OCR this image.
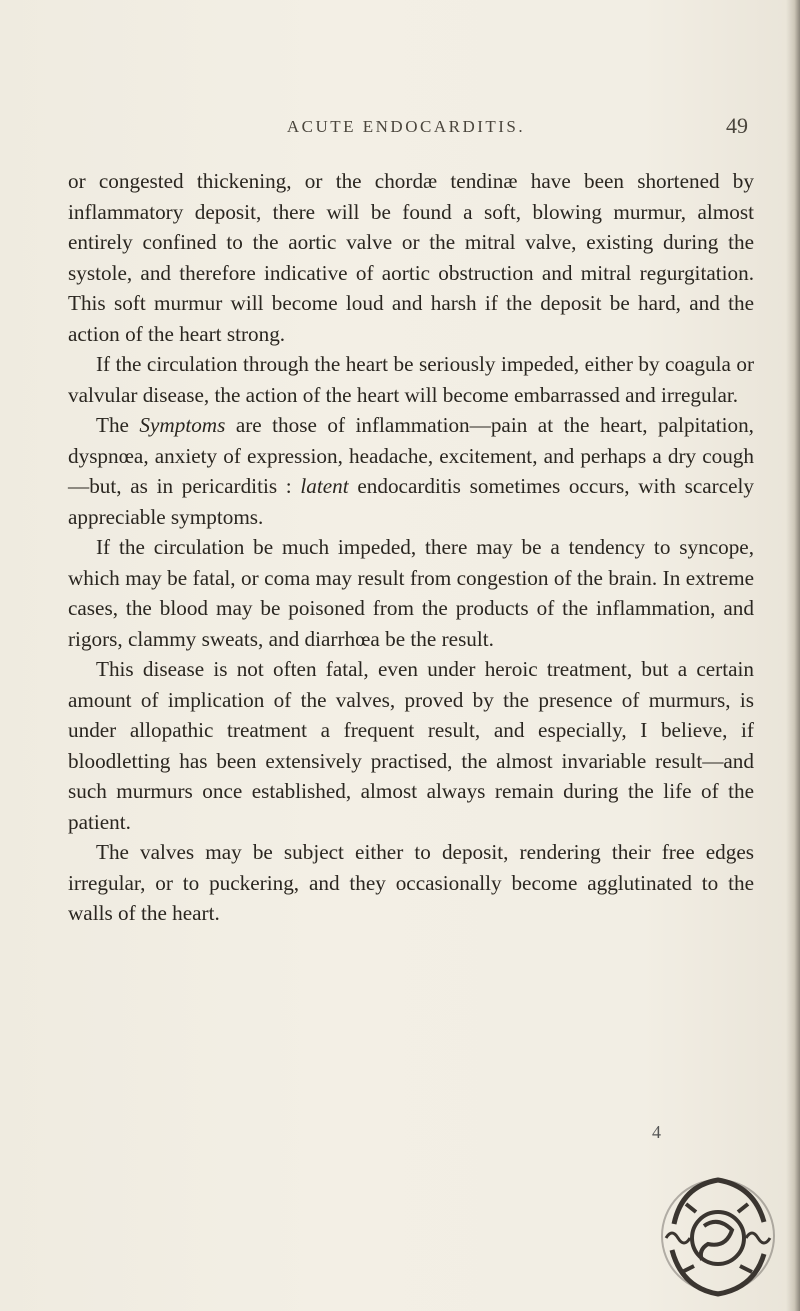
ACUTE ENDOCARDITIS.	49

or congested thickening, or the chordæ tendinæ have been shortened by inflammatory deposit, there will be found a soft, blowing murmur, almost entirely confined to the aortic valve or the mitral valve, existing during the systole, and therefore indicative of aortic obstruction and mitral regurgitation. This soft murmur will become loud and harsh if the deposit be hard, and the action of the heart strong.

If the circulation through the heart be seriously impeded, either by coagula or valvular disease, the action of the heart will become embarrassed and irregular.

The Symptoms are those of inflammation—pain at the heart, palpitation, dyspnœa, anxiety of expression, headache, excitement, and perhaps a dry cough—but, as in pericarditis : latent endocarditis sometimes occurs, with scarcely appreciable symptoms.

If the circulation be much impeded, there may be a tendency to syncope, which may be fatal, or coma may result from congestion of the brain. In extreme cases, the blood may be poisoned from the products of the inflammation, and rigors, clammy sweats, and diarrhœa be the result.

This disease is not often fatal, even under heroic treatment, but a certain amount of implication of the valves, proved by the presence of murmurs, is under allopathic treatment a frequent result, and especially, I believe, if bloodletting has been extensively practised, the almost invariable result—and such murmurs once established, almost always remain during the life of the patient.

The valves may be subject either to deposit, rendering their free edges irregular, or to puckering, and they occasionally become agglutinated to the walls of the heart.

4
